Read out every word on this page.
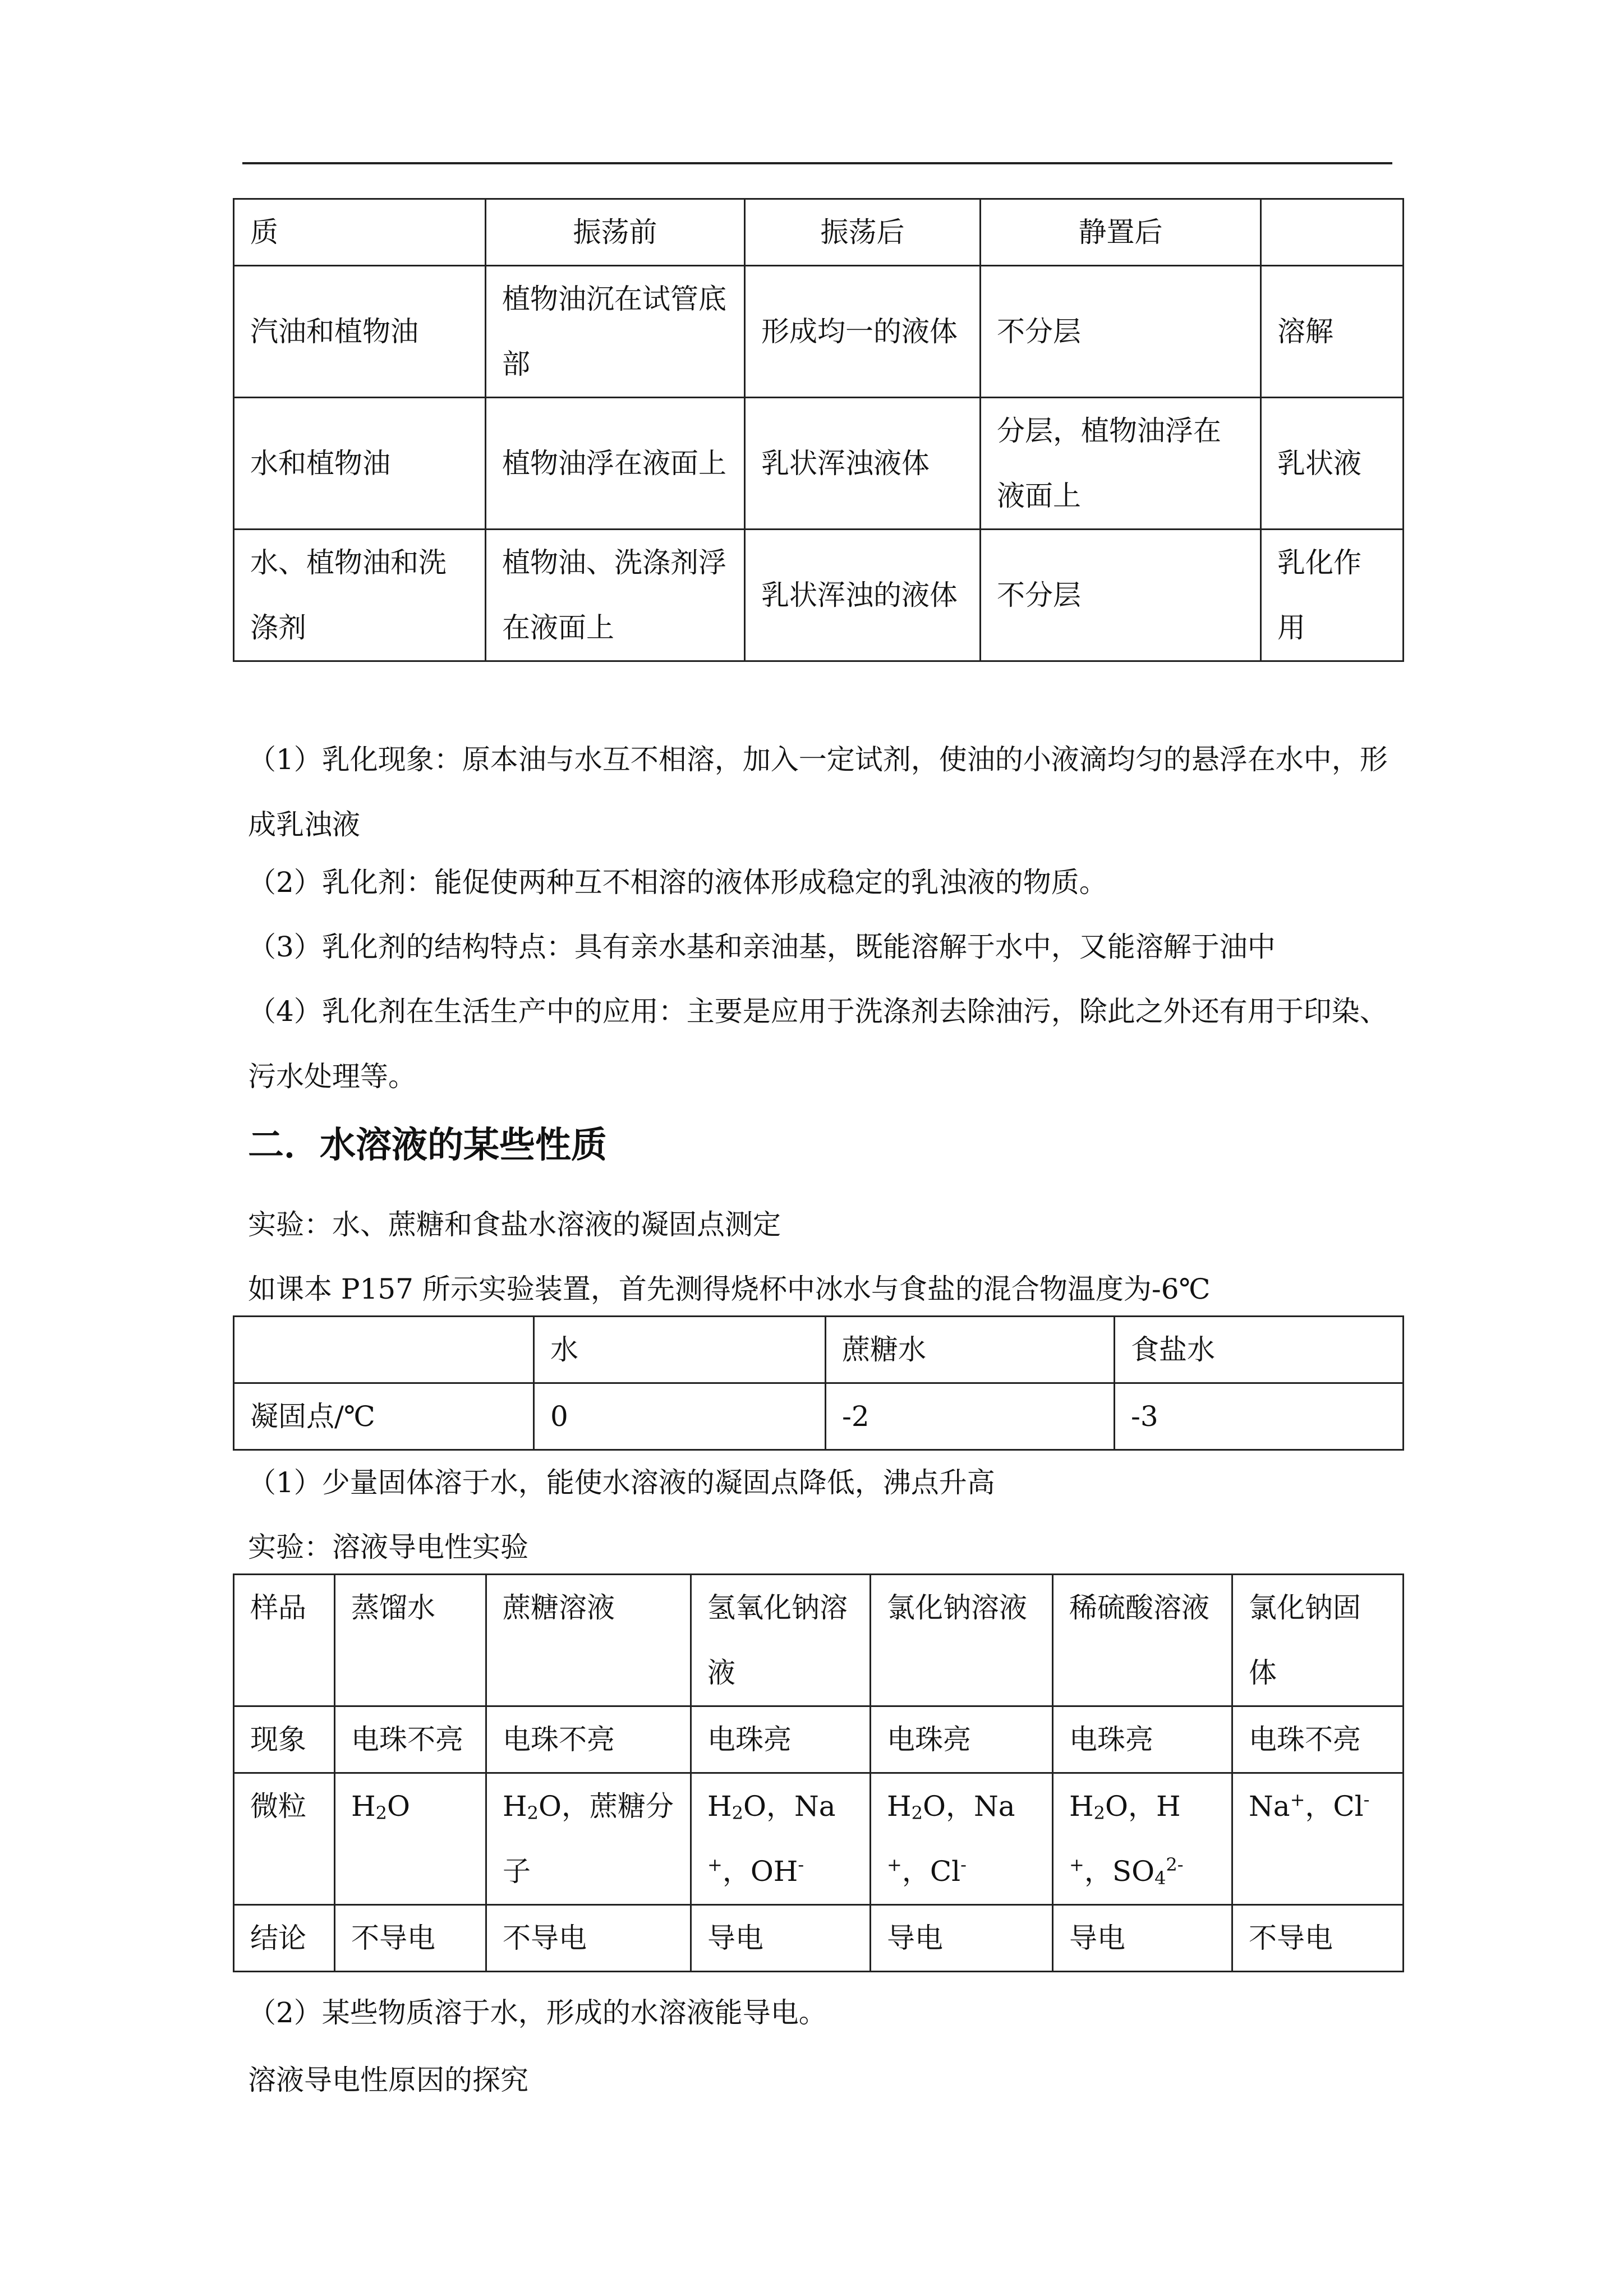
质	振荡前	振荡后	静置后	
汽油和植物油	植物油沉在试管底部	形成均一的液体	不分层	溶解
水和植物油	植物油浮在液面上	乳状浑浊液体	分层，植物油浮在液面上	乳状液
水、植物油和洗涤剂	植物油、洗涤剂浮在液面上	乳状浑浊的液体	不分层	乳化作用
（1）乳化现象：原本油与水互不相溶，加入一定试剂，使油的小液滴均匀的悬浮在水中，形成乳浊液
（2）乳化剂：能促使两种互不相溶的液体形成稳定的乳浊液的物质。
（3）乳化剂的结构特点：具有亲水基和亲油基，既能溶解于水中，又能溶解于油中
（4）乳化剂在生活生产中的应用：主要是应用于洗涤剂去除油污，除此之外还有用于印染、污水处理等。
二．水溶液的某些性质
实验：水、蔗糖和食盐水溶液的凝固点测定
如课本 P157 所示实验装置，首先测得烧杯中冰水与食盐的混合物温度为-6℃
	水	蔗糖水	食盐水
凝固点/℃	0	-2	-3
（1）少量固体溶于水，能使水溶液的凝固点降低，沸点升高
实验：溶液导电性实验
样品	蒸馏水	蔗糖溶液	氢氧化钠溶液	氯化钠溶液	稀硫酸溶液	氯化钠固体
现象	电珠不亮	电珠不亮	电珠亮	电珠亮	电珠亮	电珠不亮
微粒	$H_2O$	$H_2O$，蔗糖分子	$H_2O$，Na+，OH-	$H_2O$，Na+，Cl-	$H_2O$，H+，$SO_4^{2-}$	Na+，Cl-
结论	不导电	不导电	导电	导电	导电	不导电
（2）某些物质溶于水，形成的水溶液能导电。
溶液导电性原因的探究
